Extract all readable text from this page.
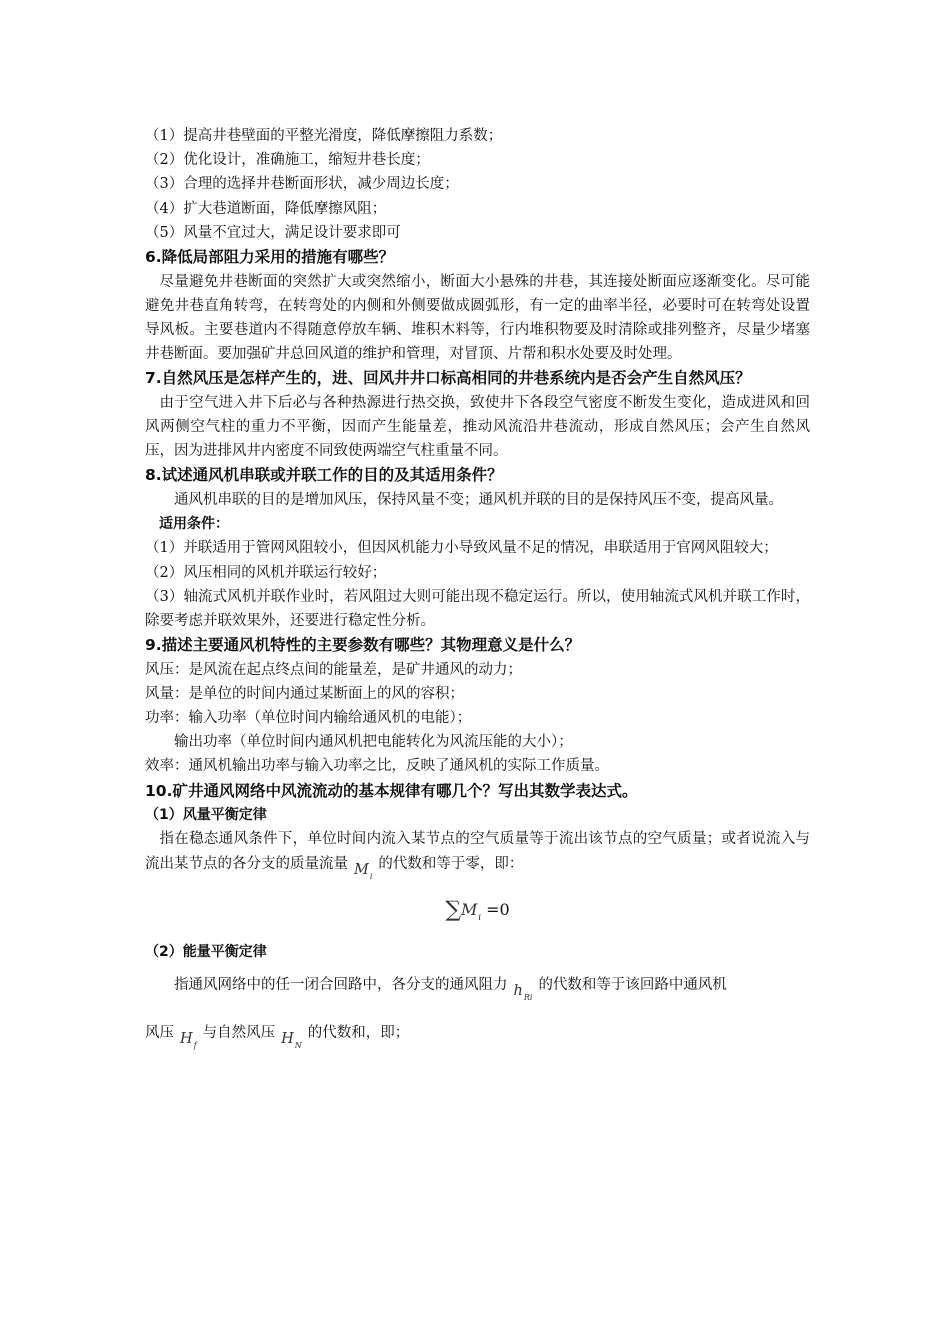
（1）提高井巷壁面的平整光滑度，降低摩擦阻力系数；

（2）优化设计，准确施工，缩短井巷长度；

（3）合理的选择井巷断面形状，减少周边长度；

（4）扩大巷道断面，降低摩擦风阻；

（5）风量不宜过大，满足设计要求即可

6.降低局部阻力采用的措施有哪些？

尽量避免井巷断面的突然扩大或突然缩小，断面大小悬殊的井巷，其连接处断面应逐渐变化。尽可能避免井巷直角转弯，在转弯处的内侧和外侧要做成圆弧形，有一定的曲率半径，必要时可在转弯处设置导风板。主要巷道内不得随意停放车辆、堆积木料等，行内堆积物要及时清除或排列整齐，尽量少堵塞井巷断面。要加强矿井总回风道的维护和管理，对冒顶、片帮和积水处要及时处理。

7.自然风压是怎样产生的，进、回风井井口标高相同的井巷系统内是否会产生自然风压？

由于空气进入井下后必与各种热源进行热交换，致使井下各段空气密度不断发生变化，造成进风和回风两侧空气柱的重力不平衡，因而产生能量差，推动风流沿井巷流动，形成自然风压；会产生自然风压，因为进排风井内密度不同致使两端空气柱重量不同。

8.试述通风机串联或并联工作的目的及其适用条件？

通风机串联的目的是增加风压，保持风量不变；通风机并联的目的是保持风压不变，提高风量。

适用条件：

（1）并联适用于管网风阻较小，但因风机能力小导致风量不足的情况，串联适用于官网风阻较大；

（2）风压相同的风机并联运行较好；

（3）轴流式风机并联作业时，若风阻过大则可能出现不稳定运行。所以，使用轴流式风机并联工作时，除要考虑并联效果外，还要进行稳定性分析。

9.描述主要通风机特性的主要参数有哪些？其物理意义是什么？

风压：是风流在起点终点间的能量差，是矿井通风的动力；

风量：是单位的时间内通过某断面上的风的容积；

功率：输入功率（单位时间内输给通风机的电能）；

输出功率（单位时间内通风机把电能转化为风流压能的大小）；

效率：通风机输出功率与输入功率之比，反映了通风机的实际工作质量。

10.矿井通风网络中风流流动的基本规律有哪几个？写出其数学表达式。

（1）风量平衡定律

指在稳态通风条件下，单位时间内流入某节点的空气质量等于流出该节点的空气质量；或者说流入与流出某节点的各分支的质量流量 $M_i$的代数和等于零，即：

$\sum M_i =0$

（2）能量平衡定律

指通风网络中的任一闭合回路中，各分支的通风阻力 $h_{Ri}$的代数和等于该回路中通风机

风压 $H_f$与自然风压 $H_N$的代数和，即；
